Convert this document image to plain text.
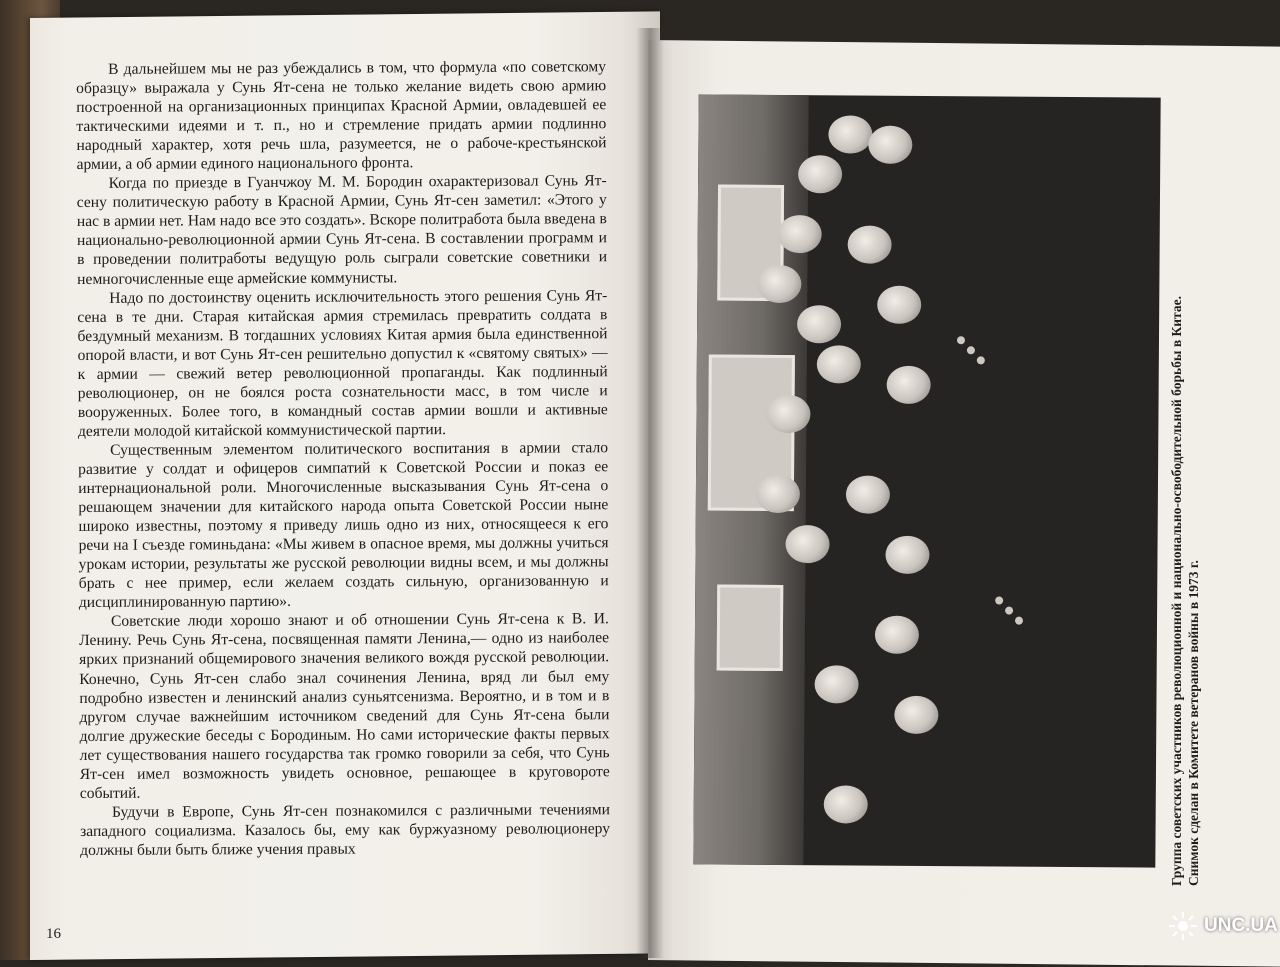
В дальнейшем мы не раз убеждались в том, что формула «по советскому образцу» выражала у Сунь Ят-сена не только желание видеть свою армию построенной на организационных принципах Красной Армии, овладевшей ее тактическими идеями и т. п., но и стремление придать армии подлинно народный характер, хотя речь шла, разумеется, не о рабоче-крестьянской армии, а об армии единого национального фронта.

Когда по приезде в Гуанчжоу М. М. Бородин охарактеризовал Сунь Ят-сену политическую работу в Красной Армии, Сунь Ят-сен заметил: «Этого у нас в армии нет. Нам надо все это создать». Вскоре политработа была введена в национально-революционной армии Сунь Ят-сена. В составлении программ и в проведении политработы ведущую роль сыграли советские советники и немногочисленные еще армейские коммунисты.

Надо по достоинству оценить исключительность этого решения Сунь Ят-сена в те дни. Старая китайская армия стремилась превратить солдата в бездумный механизм. В тогдашних условиях Китая армия была единственной опорой власти, и вот Сунь Ят-сен решительно допустил к «святому святых» — к армии — свежий ветер революционной пропаганды. Как подлинный революционер, он не боялся роста сознательности масс, в том числе и вооруженных. Более того, в командный состав армии вошли и активные деятели молодой китайской коммунистической партии.

Существенным элементом политического воспитания в армии стало развитие у солдат и офицеров симпатий к Советской России и показ ее интернациональной роли. Многочисленные высказывания Сунь Ят-сена о решающем значении для китайского народа опыта Советской России ныне широко известны, поэтому я приведу лишь одно из них, относящееся к его речи на I съезде гоминьдана: «Мы живем в опасное время, мы должны учиться урокам истории, результаты же русской революции видны всем, и мы должны брать с нее пример, если желаем создать сильную, организованную и дисциплинированную партию».

Советские люди хорошо знают и об отношении Сунь Ят-сена к В. И. Ленину. Речь Сунь Ят-сена, посвященная памяти Ленина,— одно из наиболее ярких признаний общемирового значения великого вождя русской революции. Конечно, Сунь Ят-сен слабо знал сочинения Ленина, вряд ли был ему подробно известен и ленинский анализ суньятсенизма. Вероятно, и в том и в другом случае важнейшим источником сведений для Сунь Ят-сена были долгие дружеские беседы с Бородиным. Но сами исторические факты первых лет существования нашего государства так громко говорили за себя, что Сунь Ят-сен имел возможность увидеть основное, решающее в круговороте событий.

Будучи в Европе, Сунь Ят-сен познакомился с различными течениями западного социализма. Казалось бы, ему как буржуазному революционеру должны были быть ближе учения правых

16
Группа советских участников революционной и национально-освободительной борьбы в Китае. Снимок сделан в Комитете ветеранов войны в 1973 г.
UNC.UA
